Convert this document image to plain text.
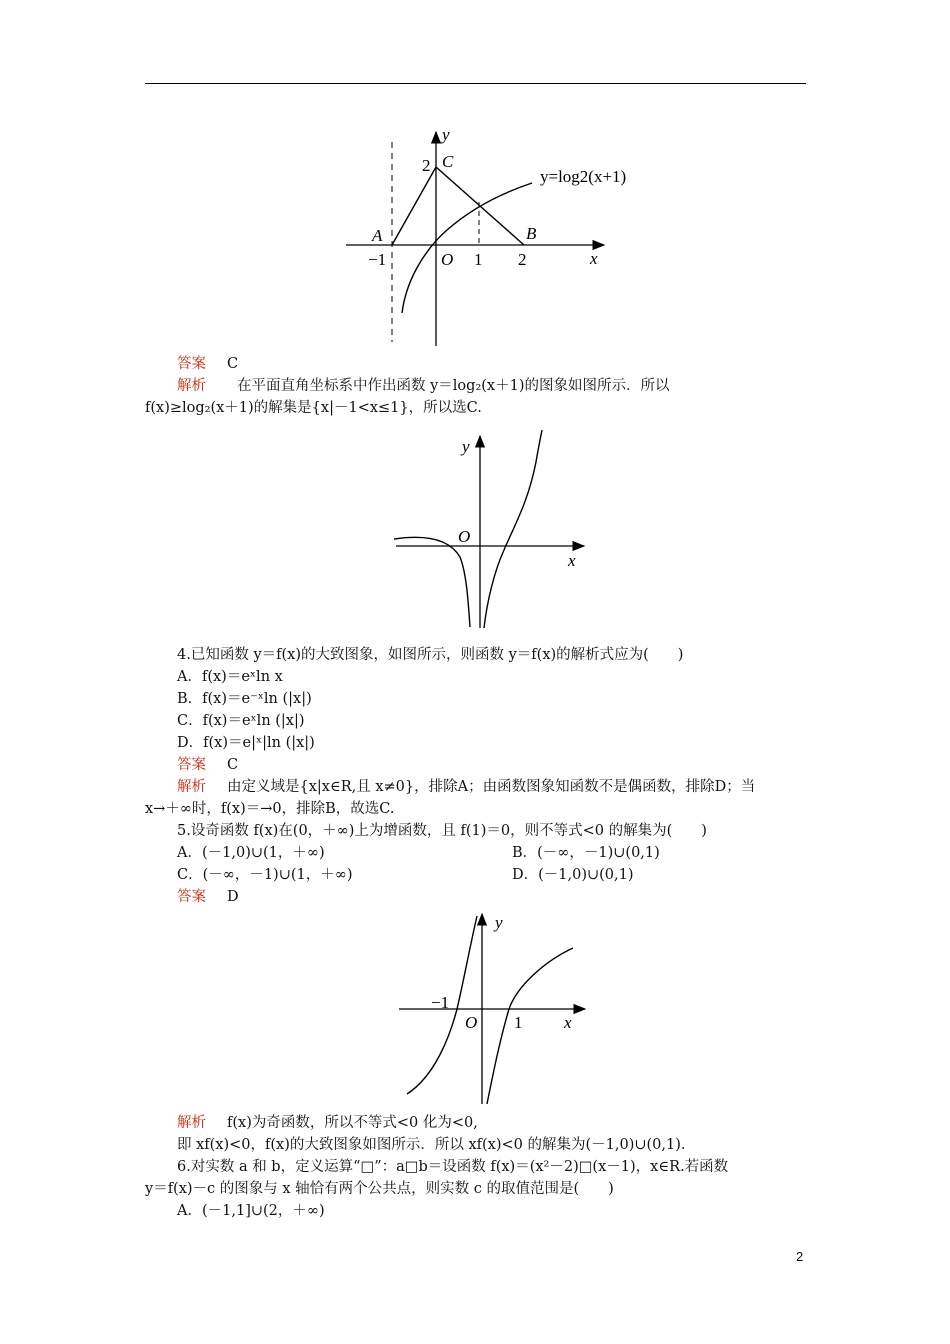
y
x
y=log2(x+1)
2 C
A	B
−1	O 1 2
答案 C
解析 在平面直角坐标系中作出函数 y＝log₂(x＋1)的图象如图所示．所以
f(x)≥log₂(x＋1)的解集是{x|－1<x≤1}，所以选C.
y
x
O
4.已知函数 y＝f(x)的大致图象，如图所示，则函数 y＝f(x)的解析式应为(　　)
A．f(x)＝eˣln x
B．f(x)＝e⁻ˣln (|x|)
C．f(x)＝eˣln (|x|)
D．f(x)＝e|ˣ|ln (|x|)
答案 C
解析 由定义域是{x|x∈R,且 x≠0}，排除A；由函数图象知函数不是偶函数，排除D；当
x→＋∞时，f(x)＝→0，排除B，故选C.
5.设奇函数 f(x)在(0，＋∞)上为增函数，且 f(1)＝0，则不等式<0 的解集为(　　)
A．(－1,0)∪(1，＋∞)	B．(－∞，－1)∪(0,1)
C．(－∞，－1)∪(1，＋∞)	D．(－1,0)∪(0,1)
答案 D
y
x
−1
O 1
解析 f(x)为奇函数，所以不等式<0 化为<0,
即 xf(x)<0，f(x)的大致图象如图所示．所以 xf(x)<0 的解集为(－1,0)∪(0,1).
6.对实数 a 和 b，定义运算“□”：a□b＝设函数 f(x)＝(x²－2)□(x－1)，x∈R.若函数
y＝f(x)－c 的图象与 x 轴恰有两个公共点，则实数 c 的取值范围是(　　)
A．(－1,1]∪(2，＋∞)
2
